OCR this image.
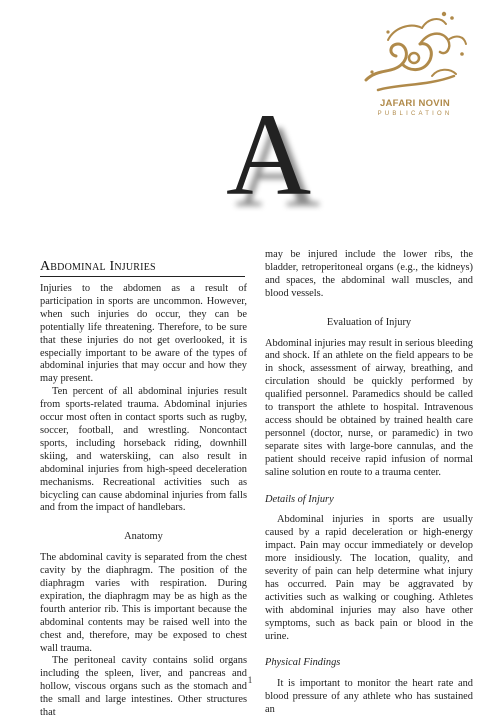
JAFARI NOVIN
PUBLICATION
A
Abdominal Injuries

Injuries to the abdomen as a result of participation in sports are uncommon. However, when such injuries do occur, they can be potentially life threatening. Therefore, to be sure that these injuries do not get overlooked, it is especially important to be aware of the types of abdominal injuries that may occur and how they may present.

Ten percent of all abdominal injuries result from sports-related trauma. Abdominal injuries occur most often in contact sports such as rugby, soccer, football, and wrestling. Noncontact sports, including horseback riding, downhill skiing, and waterskiing, can also result in abdominal injuries from high-speed deceleration mechanisms. Recreational activities such as bicycling can cause abdominal injuries from falls and from the impact of handlebars.

Anatomy

The abdominal cavity is separated from the chest cavity by the diaphragm. The position of the diaphragm varies with respiration. During expiration, the diaphragm may be as high as the fourth anterior rib. This is important because the abdominal contents may be raised well into the chest and, therefore, may be exposed to chest wall trauma.

The peritoneal cavity contains solid organs including the spleen, liver, and pancreas and hollow, viscous organs such as the stomach and the small and large intestines. Other structures that

may be injured include the lower ribs, the bladder, retroperitoneal organs (e.g., the kidneys) and spaces, the abdominal wall muscles, and blood vessels.

Evaluation of Injury

Abdominal injuries may result in serious bleeding and shock. If an athlete on the field appears to be in shock, assessment of airway, breathing, and circulation should be quickly performed by qualified personnel. Paramedics should be called to transport the athlete to hospital. Intravenous access should be obtained by trained health care personnel (doctor, nurse, or paramedic) in two separate sites with large-bore cannulas, and the patient should receive rapid infusion of normal saline solution en route to a trauma center.

Details of Injury

Abdominal injuries in sports are usually caused by a rapid deceleration or high-energy impact. Pain may occur immediately or develop more insidiously. The location, quality, and severity of pain can help determine what injury has occurred. Pain may be aggravated by activities such as walking or coughing. Athletes with abdominal injuries may also have other symptoms, such as back pain or blood in the urine.

Physical Findings

It is important to monitor the heart rate and blood pressure of any athlete who has sustained an

1
